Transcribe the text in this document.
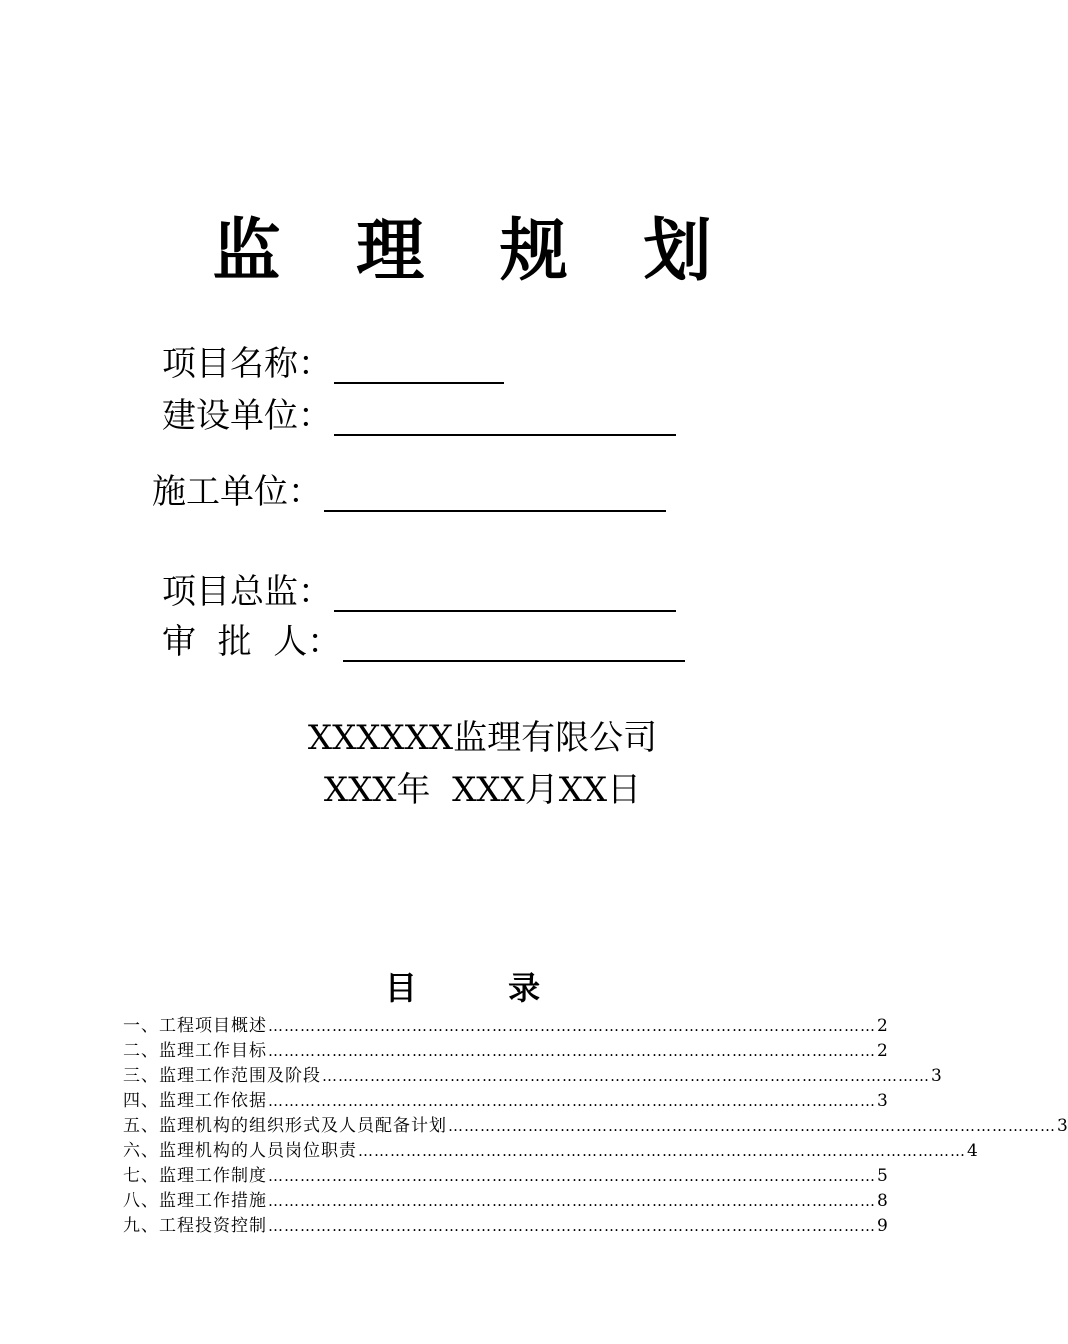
监 理 规 划
项目名称：
建设单位：
施工单位：
项目总监：
审  批  人：
XXXXXX监理有限公司
XXX年  XXX月XX日
目 录
一、工程项目概述 …………………………………………………………………………………………………… 2
二、监理工作目标 …………………………………………………………………………………………………… 2
三、监理工作范围及阶段 …………………………………………………………………………………………………… 3
四、监理工作依据 …………………………………………………………………………………………………… 3
五、监理机构的组织形式及人员配备计划 …………………………………………………………………………………………………… 3
六、监理机构的人员岗位职责 …………………………………………………………………………………………………… 4
七、监理工作制度 …………………………………………………………………………………………………… 5
八、监理工作措施 …………………………………………………………………………………………………… 8
九、工程投资控制 …………………………………………………………………………………………………… 9
